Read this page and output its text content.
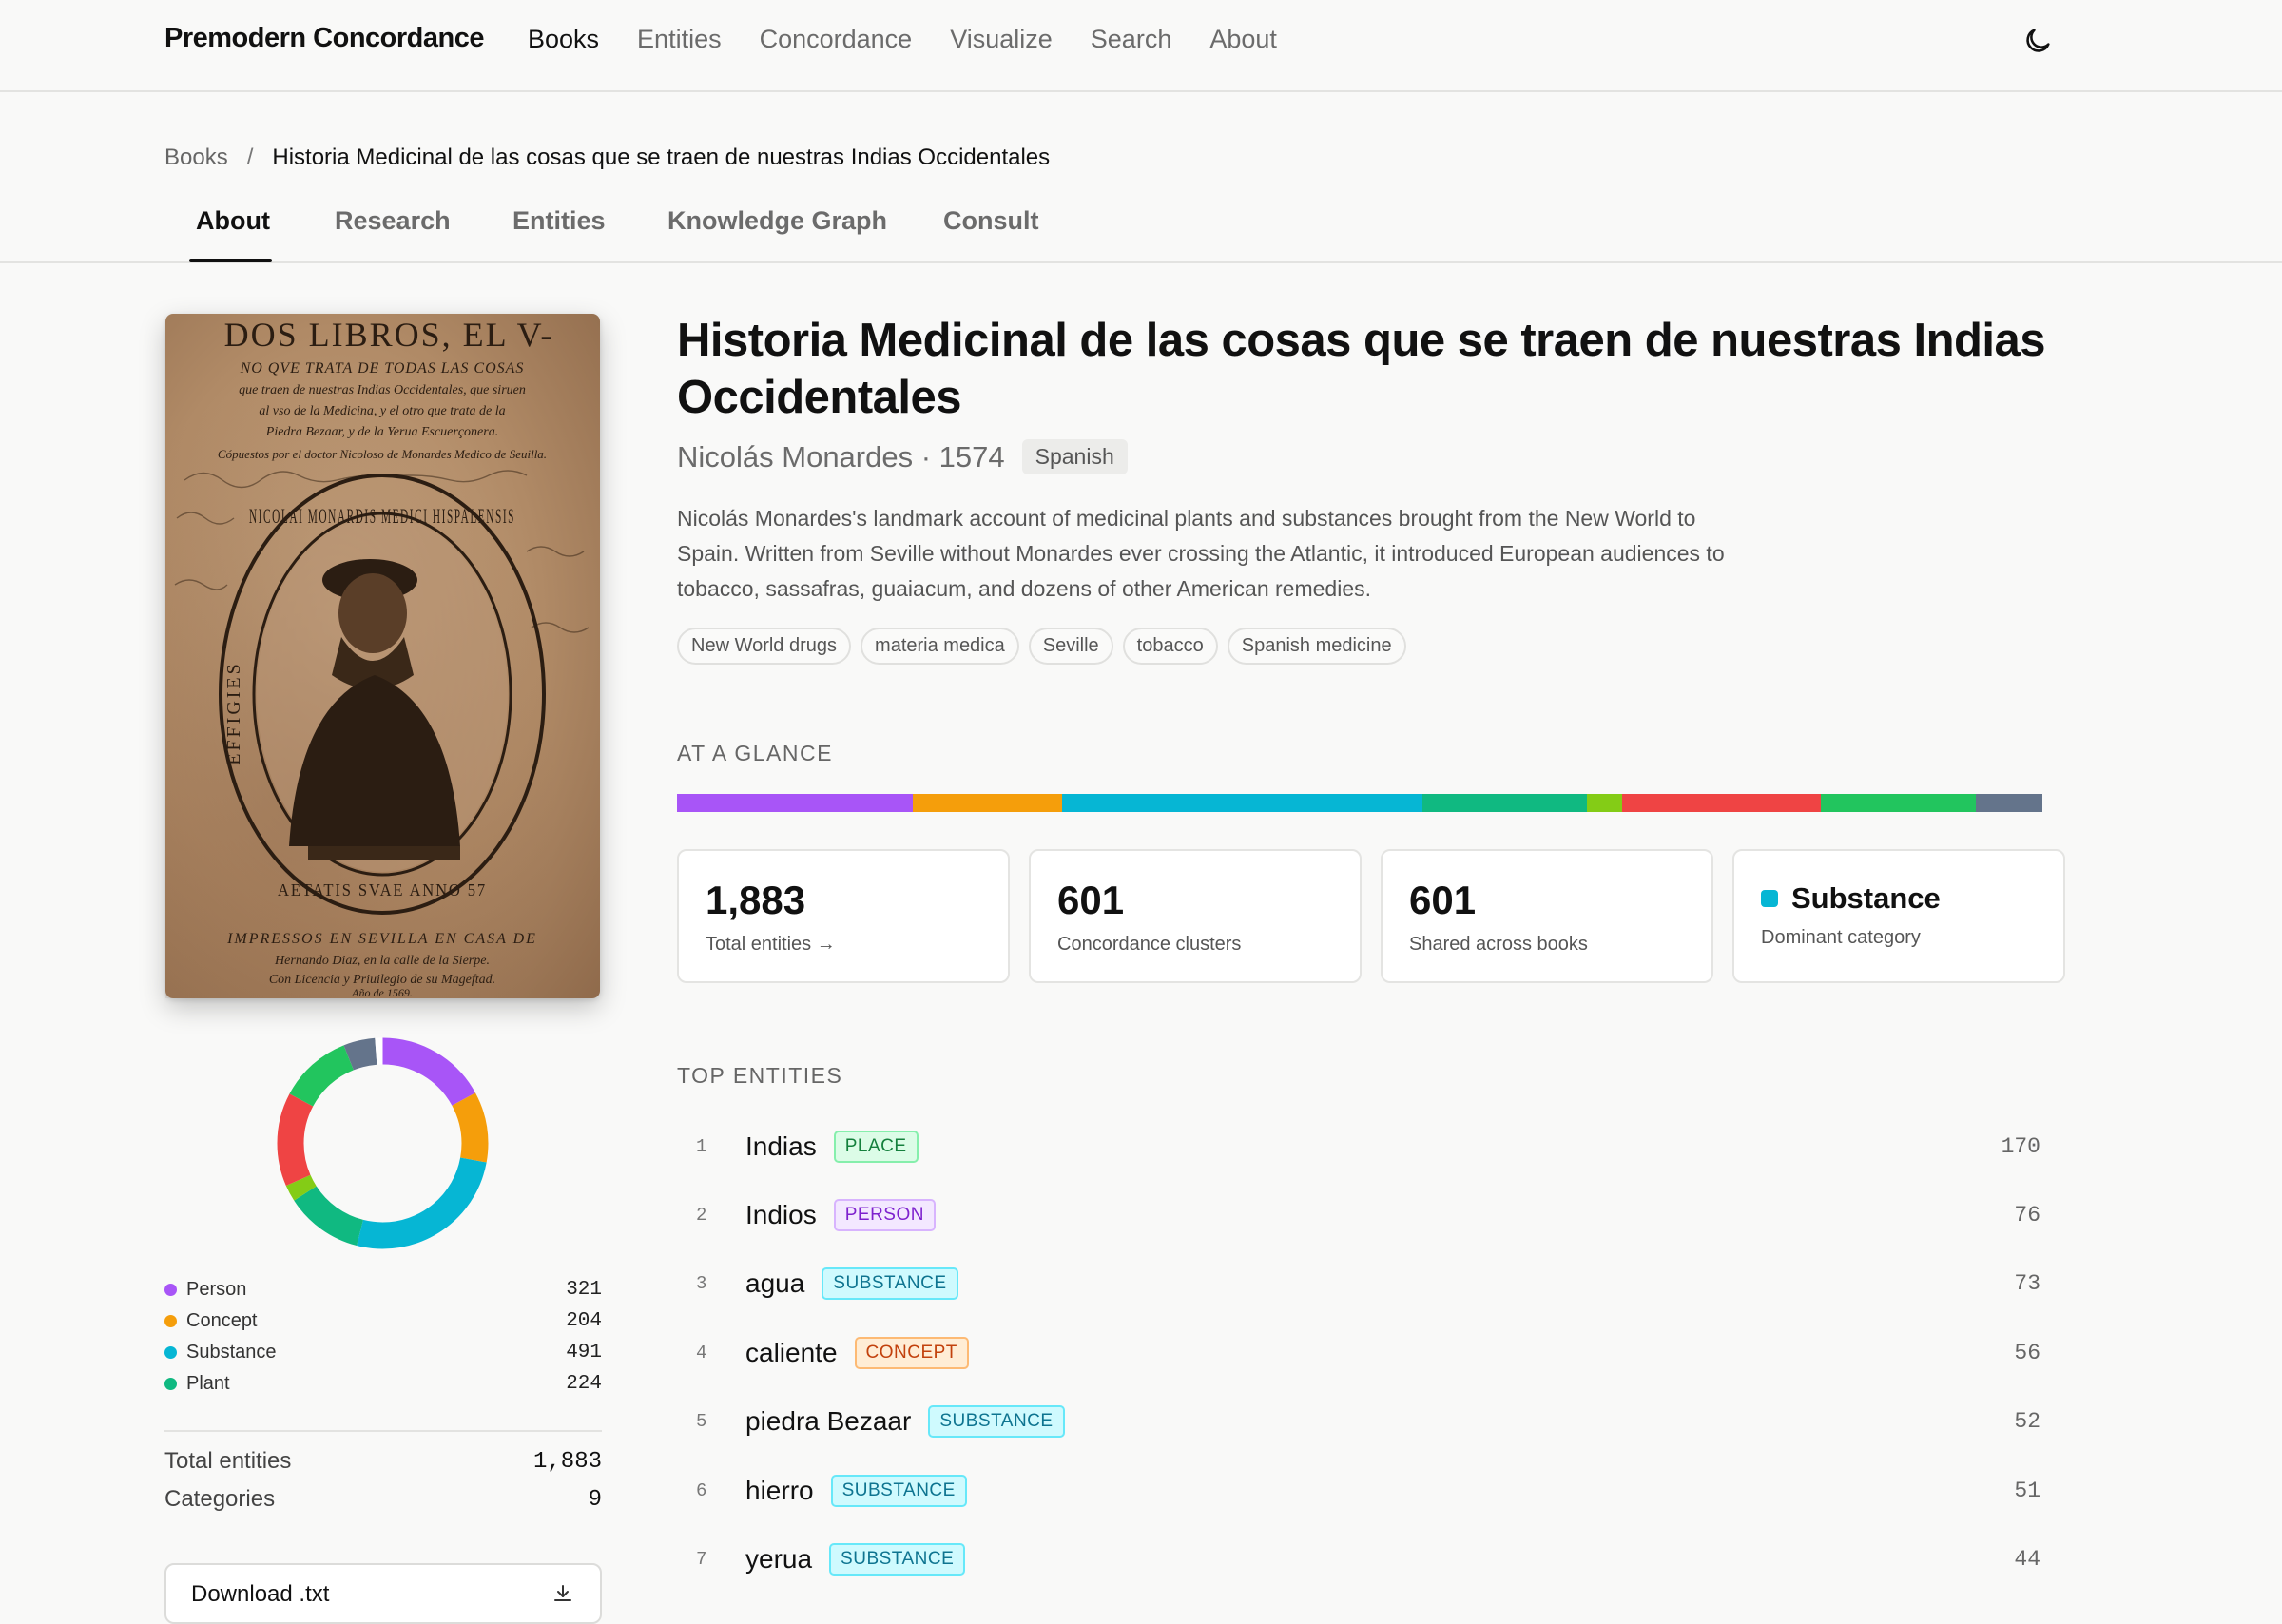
Premodern Concordance Books Entities Concordance Visualize Search About
Books / Historia Medicinal de las cosas que se traen de nuestras Indias Occidentales
About	Research Entities Knowledge Graph Consult
DOS LIBROS, EL V-
NO QVE TRATA DE TODAS LAS COSAS
que traen de nuestras Indias Occidentales, que siruen
al vso de la Medicina, y el otro que trata de la
Piedra Bezaar, y de la Yerua Escuerçonera.
Cópuestos por el doctor Nicoloso de Monardes Medico de Seuilla.
NICOLAI MONARDIS MEDICI HISPALENSIS
EFFIGIES
AETATIS SVAE ANNO 57
IMPRESSOS EN SEVILLA EN CASA DE
Hernando Diaz, en la calle de la Sierpe.
Con Licencia y Priuilegio de su Mageftad.
Año de 1569.
Person	321
Concept	204
Substance	491
Plant	224
Total entities	1,883
Categories	9
Download .txt
Historia Medicinal de las cosas que se traen de nuestras Indias Occidentales
Nicolás Monardes · 1574	Spanish
Nicolás Monardes's landmark account of medicinal plants and substances brought from the New World to Spain. Written from Seville without Monardes ever crossing the Atlantic, it introduced European audiences to tobacco, sassafras, guaiacum, and dozens of other American remedies.
New World drugs	materia medica	Seville	tobacco	Spanish medicine
AT A GLANCE
1,883
Total entities →
601
Concordance clusters
601
Shared across books
Substance
Dominant category
TOP ENTITIES
1	Indias	PLACE	170
2	Indios	PERSON	76
3	agua	SUBSTANCE	73
4	caliente	CONCEPT	56
5	piedra Bezaar	SUBSTANCE	52
6	hierro	SUBSTANCE	51
7	yerua	SUBSTANCE	44
